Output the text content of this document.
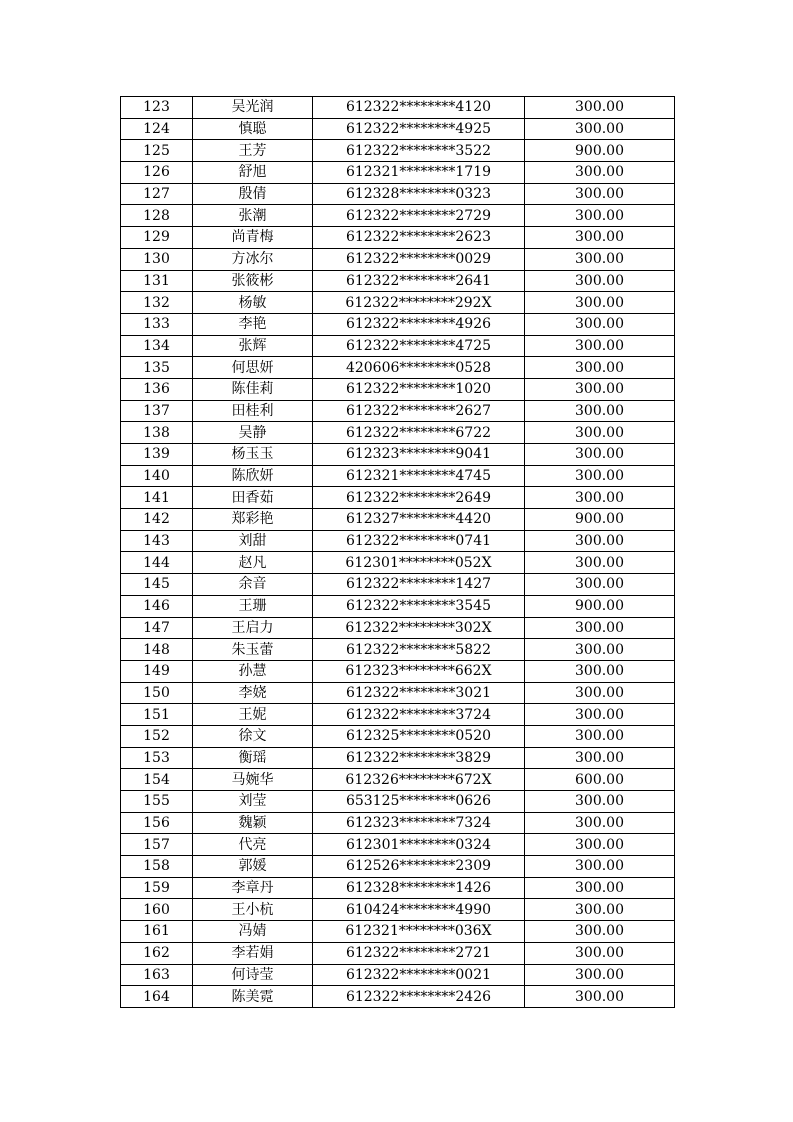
123	吴光润	612322********4120	300.00
124	慎聪	612322********4925	300.00
125	王芳	612322********3522	900.00
126	舒旭	612321********1719	300.00
127	殷倩	612328********0323	300.00
128	张潮	612322********2729	300.00
129	尚青梅	612322********2623	300.00
130	方冰尔	612322********0029	300.00
131	张筱彬	612322********2641	300.00
132	杨敏	612322********292X	300.00
133	李艳	612322********4926	300.00
134	张辉	612322********4725	300.00
135	何思妍	420606********0528	300.00
136	陈佳莉	612322********1020	300.00
137	田桂利	612322********2627	300.00
138	吴静	612322********6722	300.00
139	杨玉玉	612323********9041	300.00
140	陈欣妍	612321********4745	300.00
141	田香茹	612322********2649	300.00
142	郑彩艳	612327********4420	900.00
143	刘甜	612322********0741	300.00
144	赵凡	612301********052X	300.00
145	余音	612322********1427	300.00
146	王珊	612322********3545	900.00
147	王启力	612322********302X	300.00
148	朱玉蕾	612322********5822	300.00
149	孙慧	612323********662X	300.00
150	李娆	612322********3021	300.00
151	王妮	612322********3724	300.00
152	徐文	612325********0520	300.00
153	衡瑶	612322********3829	300.00
154	马婉华	612326********672X	600.00
155	刘莹	653125********0626	300.00
156	魏颖	612323********7324	300.00
157	代亮	612301********0324	300.00
158	郭媛	612526********2309	300.00
159	李章丹	612328********1426	300.00
160	王小杭	610424********4990	300.00
161	冯婧	612321********036X	300.00
162	李若娟	612322********2721	300.00
163	何诗莹	612322********0021	300.00
164	陈美霓	612322********2426	300.00
